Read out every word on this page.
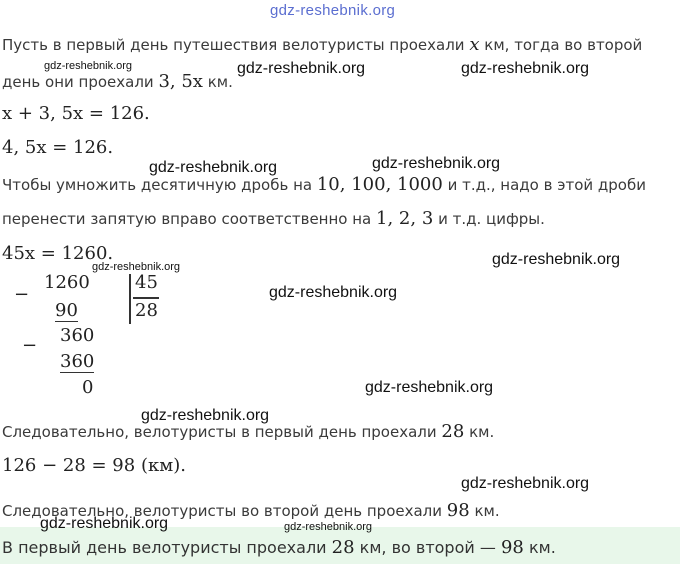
gdz-reshebnik.org
Пусть в первый день путешествия велотуристы проехали x км, тогда во второй
день они проехали 3, 5x км.
gdz-reshebnik.org	gdz-reshebnik.org	gdz-reshebnik.org
x + 3, 5x = 126.
4, 5x = 126.
gdz-reshebnik.org	gdz-reshebnik.org
Чтобы умножить десятичную дробь на 10, 100, 1000 и т.д., надо в этой дроби
перенести запятую вправо соответственно на 1, 2, 3 и т.д. цифры.
45x = 1260.
gdz-reshebnik.org	gdz-reshebnik.org
gdz-reshebnik.org
−
1260
90
− 360
360
0
45
28
gdz-reshebnik.org
gdz-reshebnik.org
Следовательно, велотуристы в первый день проехали 28 км.
126 − 28 = 98 (км).
gdz-reshebnik.org
Следовательно, велотуристы во второй день проехали 98 км.
В первый день велотуристы проехали 28 км, во второй — 98 км.
gdz-reshebnik.org	gdz-reshebnik.org
